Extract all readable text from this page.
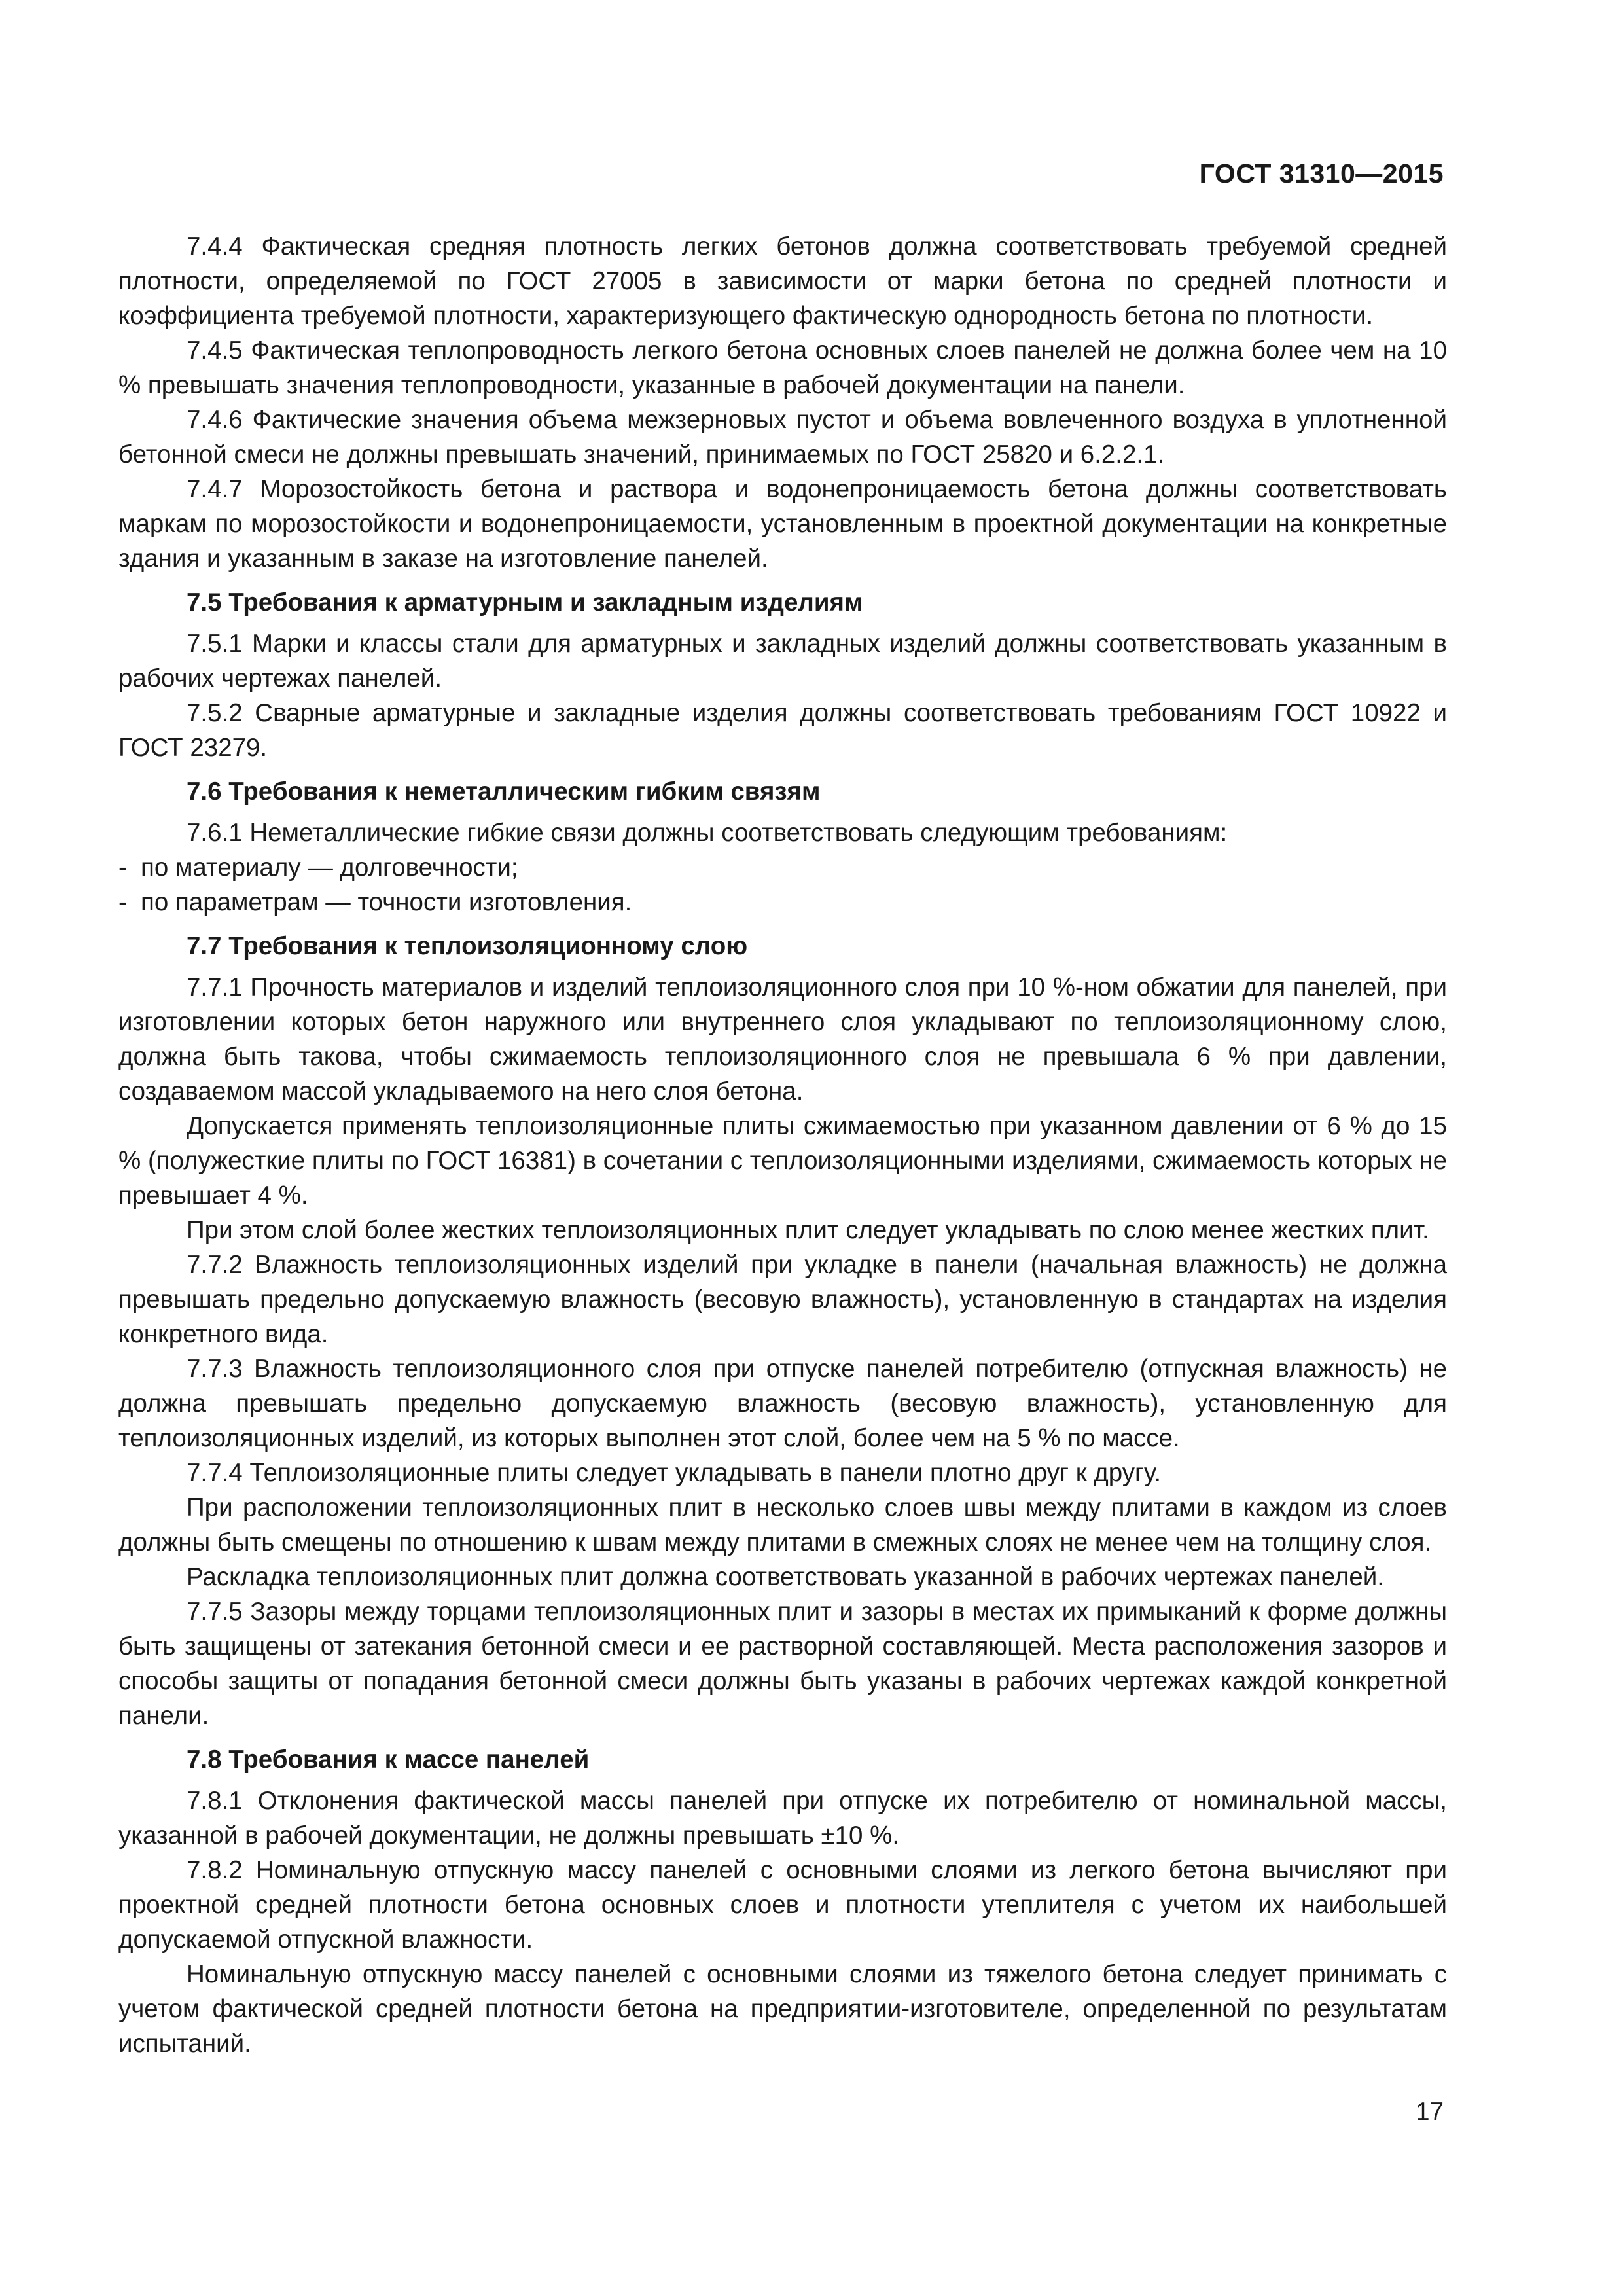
ГОСТ 31310—2015

7.4.4 Фактическая средняя плотность легких бетонов должна соответствовать требуемой средней плотности, определяемой по ГОСТ 27005 в зависимости от марки бетона по средней плотности и коэффициента требуемой плотности, характеризующего фактическую однородность бетона по плотности.

7.4.5 Фактическая теплопроводность легкого бетона основных слоев панелей не должна более чем на 10 % превышать значения теплопроводности, указанные в рабочей документации на панели.

7.4.6 Фактические значения объема межзерновых пустот и объема вовлеченного воздуха в уплотненной бетонной смеси не должны превышать значений, принимаемых по ГОСТ 25820 и 6.2.2.1.

7.4.7 Морозостойкость бетона и раствора и водонепроницаемость бетона должны соответствовать маркам по морозостойкости и водонепроницаемости, установленным в проектной документации на конкретные здания и указанным в заказе на изготовление панелей.

7.5 Требования к арматурным и закладным изделиям

7.5.1 Марки и классы стали для арматурных и закладных изделий должны соответствовать указанным в рабочих чертежах панелей.

7.5.2 Сварные арматурные и закладные изделия должны соответствовать требованиям ГОСТ 10922 и ГОСТ 23279.

7.6 Требования к неметаллическим гибким связям

7.6.1 Неметаллические гибкие связи должны соответствовать следующим требованиям:

- по материалу — долговечности;
- по параметрам — точности изготовления.
7.7 Требования к теплоизоляционному слою

7.7.1 Прочность материалов и изделий теплоизоляционного слоя при 10 %-ном обжатии для панелей, при изготовлении которых бетон наружного или внутреннего слоя укладывают по теплоизоляционному слою, должна быть такова, чтобы сжимаемость теплоизоляционного слоя не превышала 6 % при давлении, создаваемом массой укладываемого на него слоя бетона.

Допускается применять теплоизоляционные плиты сжимаемостью при указанном давлении от 6 % до 15 % (полужесткие плиты по ГОСТ 16381) в сочетании с теплоизоляционными изделиями, сжимаемость которых не превышает 4 %.

При этом слой более жестких теплоизоляционных плит следует укладывать по слою менее жестких плит.

7.7.2 Влажность теплоизоляционных изделий при укладке в панели (начальная влажность) не должна превышать предельно допускаемую влажность (весовую влажность), установленную в стандартах на изделия конкретного вида.

7.7.3 Влажность теплоизоляционного слоя при отпуске панелей потребителю (отпускная влажность) не должна превышать предельно допускаемую влажность (весовую влажность), установленную для теплоизоляционных изделий, из которых выполнен этот слой, более чем на 5 % по массе.

7.7.4 Теплоизоляционные плиты следует укладывать в панели плотно друг к другу.

При расположении теплоизоляционных плит в несколько слоев швы между плитами в каждом из слоев должны быть смещены по отношению к швам между плитами в смежных слоях не менее чем на толщину слоя.

Раскладка теплоизоляционных плит должна соответствовать указанной в рабочих чертежах панелей.

7.7.5 Зазоры между торцами теплоизоляционных плит и зазоры в местах их примыканий к форме должны быть защищены от затекания бетонной смеси и ее растворной составляющей. Места расположения зазоров и способы защиты от попадания бетонной смеси должны быть указаны в рабочих чертежах каждой конкретной панели.

7.8 Требования к массе панелей

7.8.1 Отклонения фактической массы панелей при отпуске их потребителю от номинальной массы, указанной в рабочей документации, не должны превышать ±10 %.

7.8.2 Номинальную отпускную массу панелей с основными слоями из легкого бетона вычисляют при проектной средней плотности бетона основных слоев и плотности утеплителя с учетом их наибольшей допускаемой отпускной влажности.

Номинальную отпускную массу панелей с основными слоями из тяжелого бетона следует принимать с учетом фактической средней плотности бетона на предприятии-изготовителе, определенной по результатам испытаний.

17
